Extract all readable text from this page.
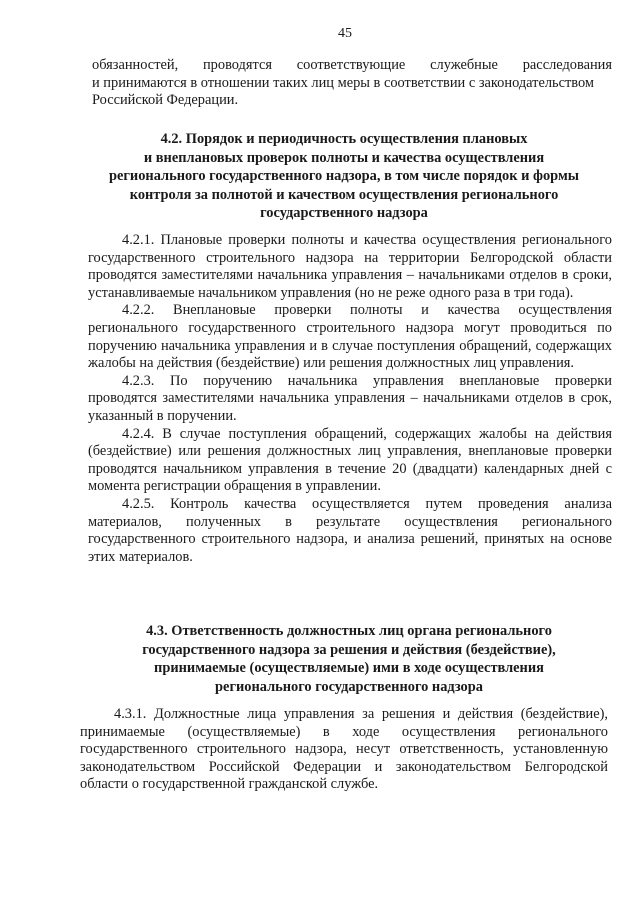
45
обязанностей, проводятся соответствующие служебные расследования
и принимаются в отношении таких лиц меры в соответствии с законодательством
Российской Федерации.

4.2. Порядок и периодичность осуществления плановых

и внеплановых проверок полноты и качества осуществления

регионального государственного надзора, в том числе порядок и формы

контроля за полнотой и качеством осуществления регионального

государственного надзора

4.2.1. Плановые проверки полноты и качества осуществления регионального государственного строительного надзора на территории Белгородской области проводятся заместителями начальника управления – начальниками отделов в сроки, устанавливаемые начальником управления (но не реже одного раза в три года).

4.2.2. Внеплановые проверки полноты и качества осуществления регионального государственного строительного надзора могут проводиться по поручению начальника управления и в случае поступления обращений, содержащих жалобы на действия (бездействие) или решения должностных лиц управления.

4.2.3. По поручению начальника управления внеплановые проверки проводятся заместителями начальника управления – начальниками отделов в срок, указанный в поручении.

4.2.4. В случае поступления обращений, содержащих жалобы на действия (бездействие) или решения должностных лиц управления, внеплановые проверки проводятся начальником управления в течение 20 (двадцати) календарных дней с момента регистрации обращения в управлении.

4.2.5. Контроль качества осуществляется путем проведения анализа материалов, полученных в результате осуществления регионального государственного строительного надзора, и анализа решений, принятых на основе этих материалов.

4.3. Ответственность должностных лиц органа регионального

государственного надзора за решения и действия (бездействие),

принимаемые (осуществляемые) ими в ходе осуществления

регионального государственного надзора

4.3.1. Должностные лица управления за решения и действия (бездействие), принимаемые (осуществляемые) в ходе осуществления регионального государственного строительного надзора, несут ответственность, установленную законодательством Российской Федерации и законодательством Белгородской области о государственной гражданской службе.
